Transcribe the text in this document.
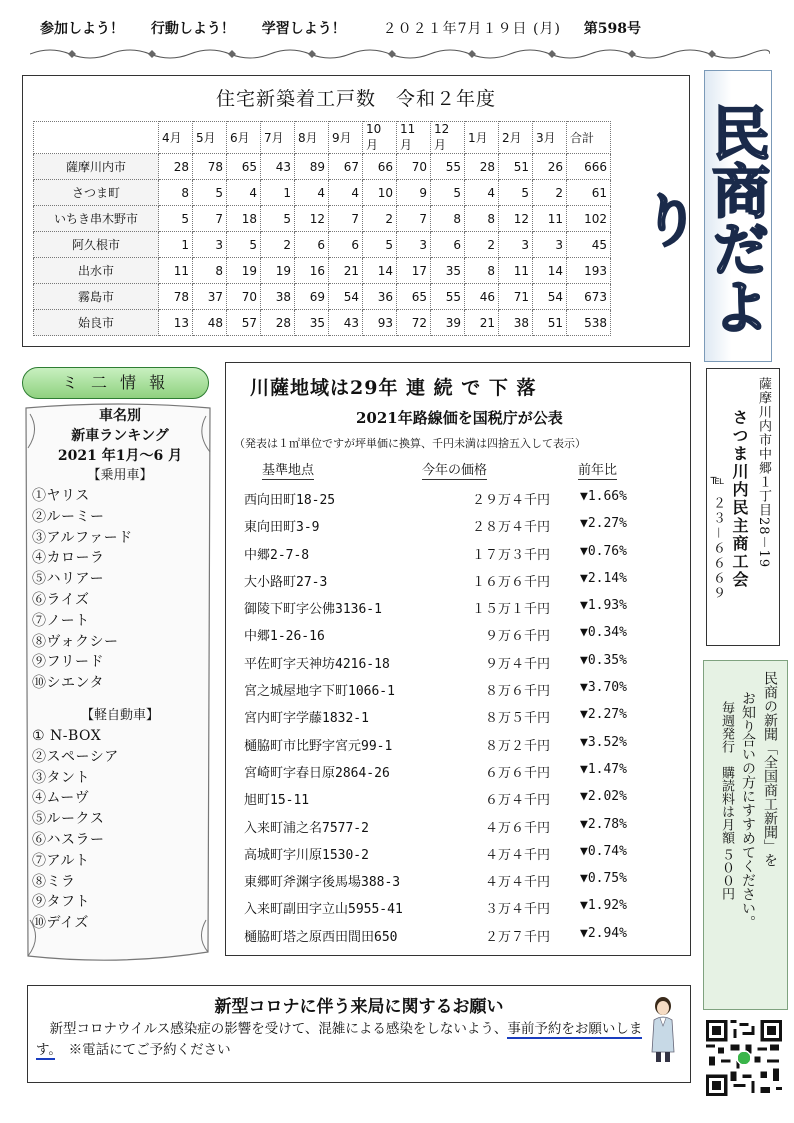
参加しよう！ 行動しよう！ 学習しよう！	２０２１年7月１９日 (月) 第598号
住宅新築着工戸数　令和２年度
	4月	5月	6月	7月	8月	9月	10月	11月	12月	1月	2月	3月	合計
薩摩川内市	28	78	65	43	89	67	66	70	55	28	51	26	666
さつま町	8	5	4	1	4	4	10	9	5	4	5	2	61
いちき串木野市	5	7	18	5	12	7	2	7	8	8	12	11	102
阿久根市	1	3	5	2	6	6	5	3	6	2	3	3	45
出水市	11	8	19	19	16	21	14	17	35	8	11	14	193
霧島市	78	37	70	38	69	54	36	65	55	46	71	54	673
始良市	13	48	57	28	35	43	93	72	39	21	38	51	538 民商だより
薩摩川内市中郷１丁目28－19
さつま川内民主商工会
℡ ２３－６６６９
民商の新聞「全国商工新聞」を
お知り合いの方にすすめてください。
毎週発行　購読料は月額 ５００円
ミ 二 情 報
車名別
新車ランキング
2021 年1月～6 月
【乗用車】
①ヤリス
②ルーミー
③アルファード
④カローラ
⑤ハリアー
⑥ライズ
⑦ノート
⑧ヴォクシー
⑨フリード
⑩シエンタ
【軽自動車】
① N-BOX
②スペーシア
③タント
④ムーヴ
⑤ルークス
⑥ハスラー
⑦アルト
⑧ミラ
⑨タフト
⑩デイズ
川薩地域は29年 連 続 で 下 落
2021年路線価を国税庁が公表
（発表は１㎡単位ですが坪単価に換算、千円未満は四捨五入して表示）
基準地点	今年の価格	前年比
西向田町18-25	２９万４千円 ▼1.66%
東向田町3-9	２８万４千円 ▼2.27%
中郷2-7-8	１７万３千円 ▼0.76%
大小路町27-3	１６万６千円 ▼2.14%
御陵下町字公佛3136-1	１５万１千円 ▼1.93%
中郷1-26-16	９万６千円 ▼0.34%
平佐町字天神坊4216-18	９万４千円 ▼0.35%
宮之城屋地字下町1066-1	８万６千円 ▼3.70%
宮内町字学藤1832-1	８万５千円 ▼2.27%
樋脇町市比野字宮元99-1	８万２千円 ▼3.52%
宮崎町字春日原2864-26	６万６千円 ▼1.47%
旭町15-11	６万４千円 ▼2.02%
入来町浦之名7577-2	４万６千円 ▼2.78%
高城町字川原1530-2	４万４千円 ▼0.74%
東郷町斧渊字後馬場388-3	４万４千円 ▼0.75%
入来町副田字立山5955-41	３万４千円 ▼1.92%
樋脇町塔之原西田間田650	２万７千円 ▼2.94%
新型コロナに伴う来局に関するお願い
　新型コロナウイルス感染症の影響を受けて、混雑による感染をしないよう、事前予約をお願いします。　※電話にてご予約ください
